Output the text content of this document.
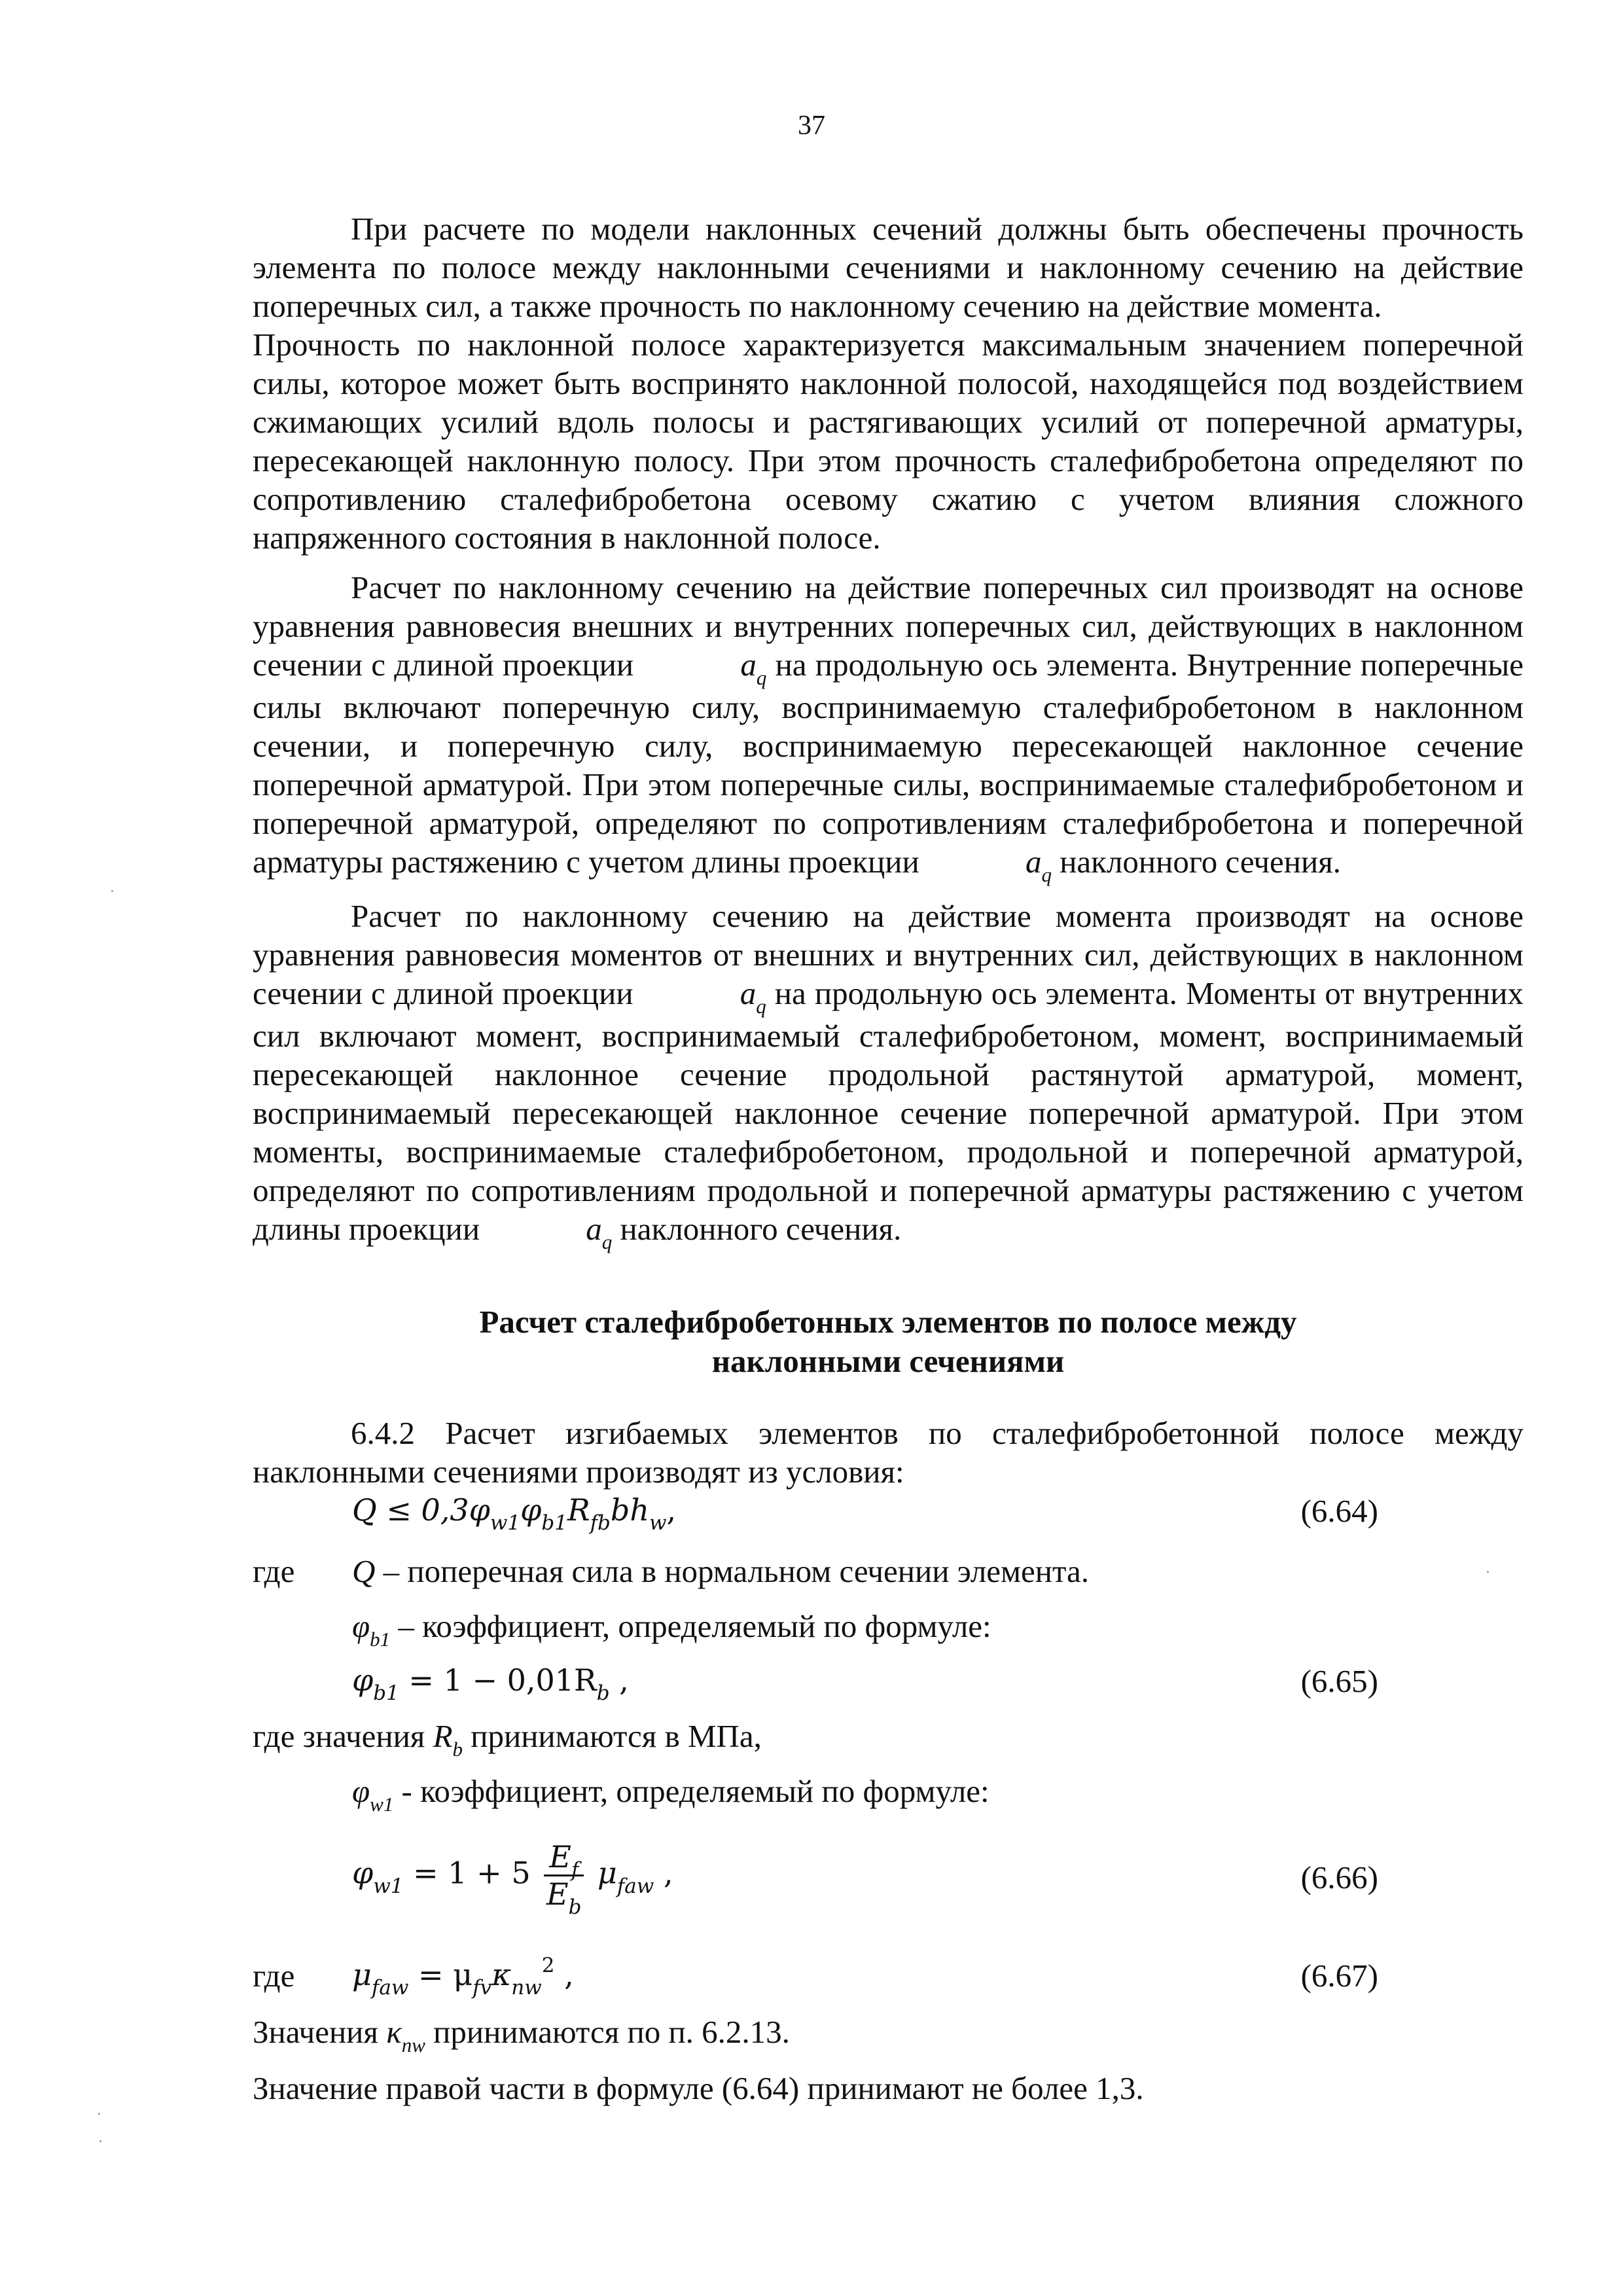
37

При расчете по модели наклонных сечений должны быть обеспечены прочность элемента по полосе между наклонными сечениями и наклонному сечению на действие поперечных сил, а также прочность по наклонному сечению на действие момента.

Прочность по наклонной полосе характеризуется максимальным значением поперечной силы, которое может быть воспринято наклонной полосой, находящейся под воздействием сжимающих усилий вдоль полосы и растягивающих усилий от поперечной арматуры, пересекающей наклонную полосу. При этом прочность сталефибробетона определяют по сопротивлению сталефибробетона осевому сжатию с учетом влияния сложного напряженного состояния в наклонной полосе.

Расчет по наклонному сечению на действие поперечных сил производят на основе уравнения равновесия внешних и внутренних поперечных сил, действующих в наклонном сечении с длиной проекции	$a_q$ на продольную ось элемента. Внутренние поперечные силы включают поперечную силу, воспринимаемую сталефибробетоном в наклонном сечении, и поперечную силу, воспринимаемую пересекающей наклонное сечение поперечной арматурой. При этом поперечные силы, воспринимаемые сталефибробетоном и поперечной арматурой, определяют по сопротивлениям сталефибробетона и поперечной арматуры растяжению с учетом длины проекции	$a_q$ наклонного сечения.

Расчет по наклонному сечению на действие момента производят на основе уравнения равновесия моментов от внешних и внутренних сил, действующих в наклонном сечении с длиной проекции	$a_q$ на продольную ось элемента. Моменты от внутренних сил включают момент, воспринимаемый сталефибробетоном, момент, воспринимаемый пересекающей наклонное сечение продольной растянутой арматурой, момент, воспринимаемый пересекающей наклонное сечение поперечной арматурой. При этом моменты, воспринимаемые сталефибробетоном, продольной и поперечной арматурой, определяют по сопротивлениям продольной и поперечной арматуры растяжению с учетом длины проекции	$a_q$ наклонного сечения.

Расчет сталефибробетонных элементов по полосе между
наклонными сечениями

6.4.2 Расчет изгибаемых элементов по сталефибробетонной полосе между наклонными сечениями производят из условия:

$Q \le 0,3\varphi_{w1}\varphi_{b1}R_{fb}bh_w$,	(6.64)
где Q – поперечная сила в нормальном сечении элемента.
$\varphi_{b1}$ – коэффициент, определяемый по формуле:
$\varphi_{b1} = 1 - 0,01R_b$ ,	(6.65)
где значения $R_b$ принимаются в МПа,
$\varphi_{w1}$ - коэффициент, определяемый по формуле:
$\varphi_{w1} = 1 + 5 \frac{E_f}{E_b} \mu_{faw}$ ,	(6.66)
где $\mu_{faw} = \mu_{fv}\kappa_{nw}^2$ ,	(6.67)
Значения $\kappa_{nw}$ принимаются по п. 6.2.13.
Значение правой части в формуле (6.64) принимают не более 1,3.
